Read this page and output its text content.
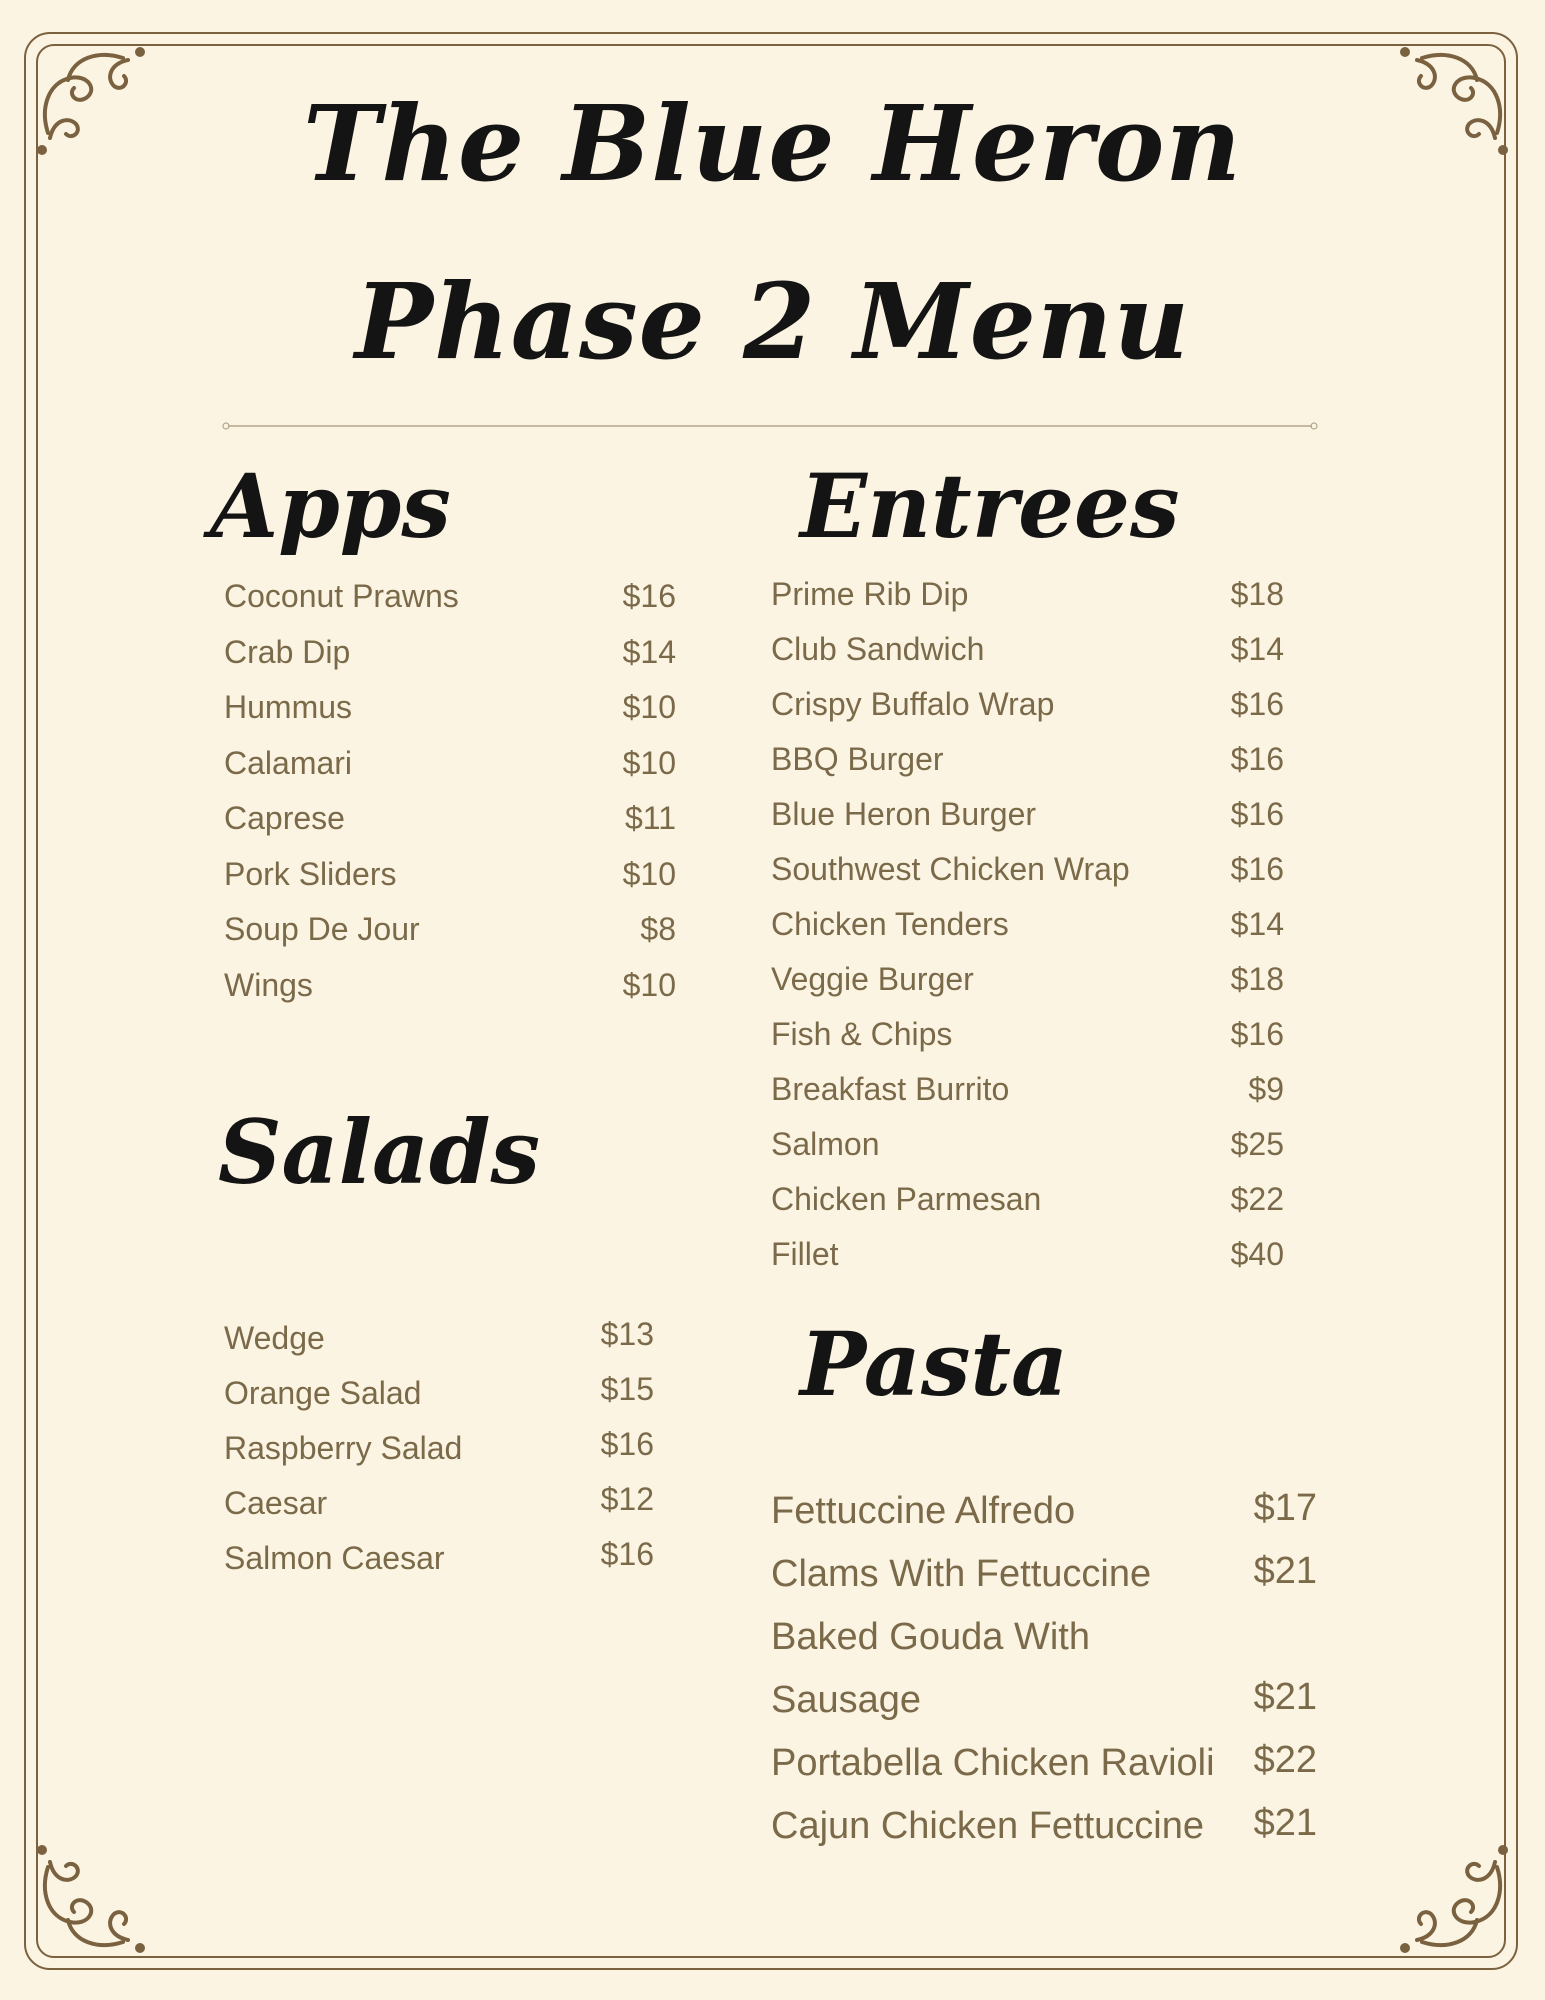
The Blue Heron
Phase 2 Menu
Apps
Coconut Prawns	$16
Crab Dip	$14
Hummus	$10
Calamari	$10
Caprese	$11
Pork Sliders	$10
Soup De Jour	$8
Wings	$10
Entrees
Prime Rib Dip	$18
Club Sandwich	$14
Crispy Buffalo Wrap	$16
BBQ Burger	$16
Blue Heron Burger	$16
Southwest Chicken Wrap	$16
Chicken Tenders	$14
Veggie Burger	$18
Fish & Chips	$16
Breakfast Burrito	$9
Salmon	$25
Chicken Parmesan	$22
Fillet	$40
Salads
Wedge	$13
Orange Salad	$15
Raspberry Salad	$16
Caesar	$12
Salmon Caesar	$16
Pasta
Fettuccine Alfredo	$17
Clams With Fettuccine	$21
Baked Gouda With
Sausage	$21
Portabella Chicken Ravioli $22
Cajun Chicken Fettuccine $21
